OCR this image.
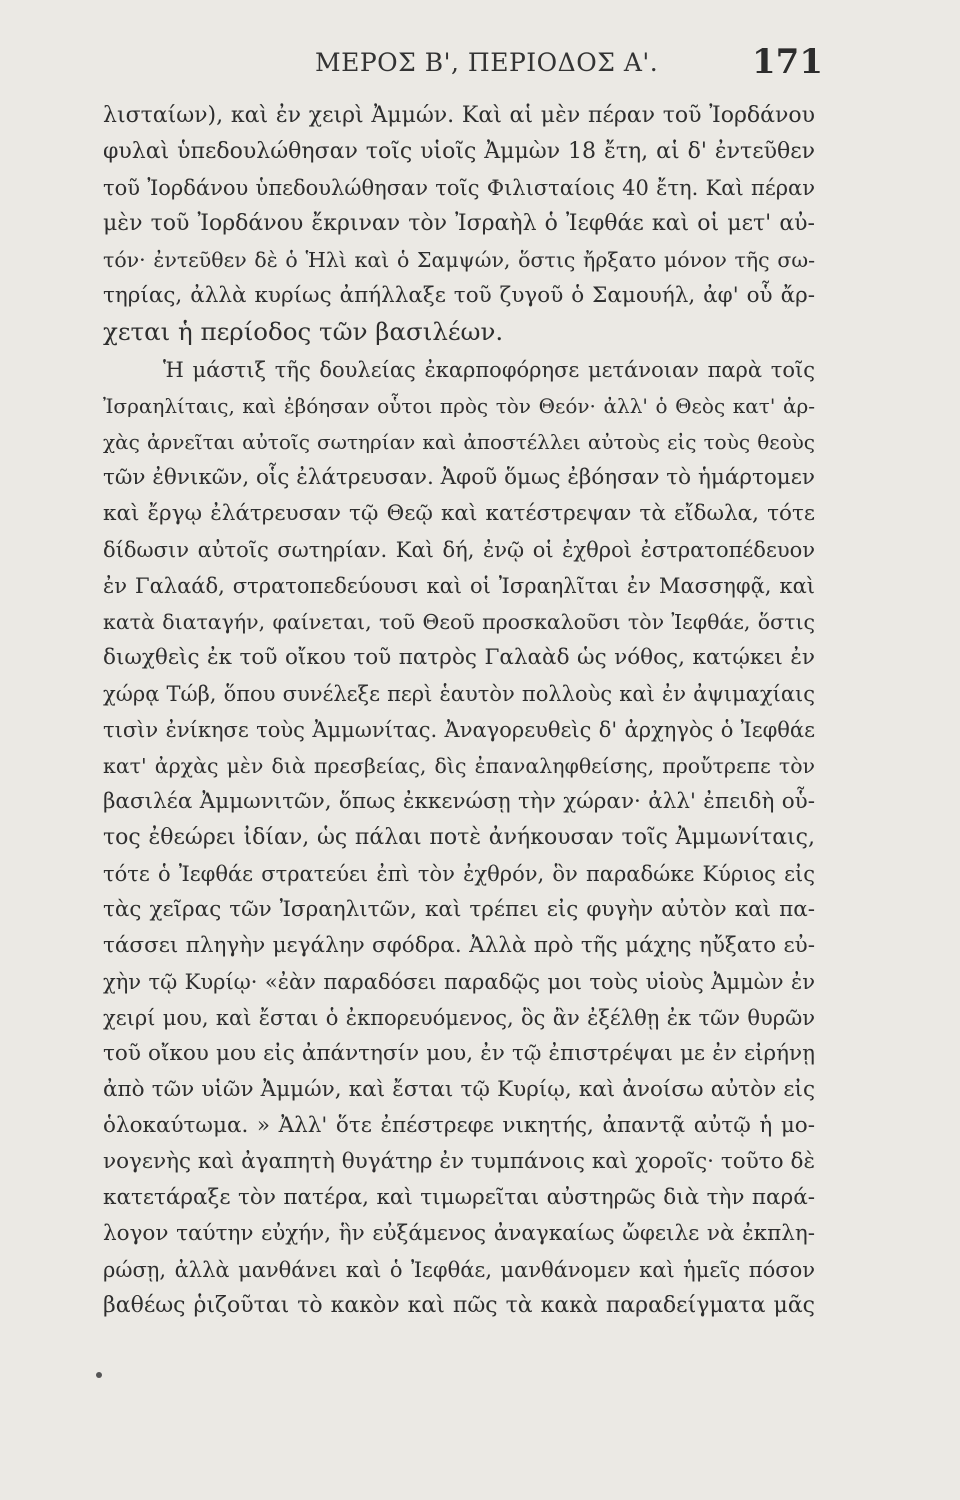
ΜΕΡΟΣ Β', ΠΕΡΙΟΔΟΣ Α'.	171
λισταίων), καὶ ἐν χειρὶ Ἀμμών. Καὶ αἱ μὲν πέραν τοῦ Ἰορδάνου
φυλαὶ ὑπεδουλώθησαν τοῖς υἱοῖς Ἀμμὼν 18 ἔτη, αἱ δ' ἐντεῦθεν
τοῦ Ἰορδάνου ὑπεδουλώθησαν τοῖς Φιλισταίοις 40 ἔτη. Καὶ πέραν
μὲν τοῦ Ἰορδάνου ἔκριναν τὸν Ἰσραὴλ ὁ Ἰεφθάε καὶ οἱ μετ' αὐ-
τόν· ἐντεῦθεν δὲ ὁ Ἡλὶ καὶ ὁ Σαμψών, ὅστις ἤρξατο μόνον τῆς σω-
τηρίας, ἀλλὰ κυρίως ἀπήλλαξε τοῦ ζυγοῦ ὁ Σαμουήλ, ἀφ' οὗ ἄρ-
χεται ἡ περίοδος τῶν βασιλέων.
Ἡ μάστιξ τῆς δουλείας ἐκαρποφόρησε μετάνοιαν παρὰ τοῖς
Ἰσραηλίταις, καὶ ἐβόησαν οὗτοι πρὸς τὸν Θεόν· ἀλλ' ὁ Θεὸς κατ' ἀρ-
χὰς ἀρνεῖται αὐτοῖς σωτηρίαν καὶ ἀποστέλλει αὐτοὺς εἰς τοὺς θεοὺς
τῶν ἐθνικῶν, οἷς ἐλάτρευσαν. Ἀφοῦ ὅμως ἐβόησαν τὸ ἡμάρτομεν
καὶ ἔργῳ ἐλάτρευσαν τῷ Θεῷ καὶ κατέστρεψαν τὰ εἴδωλα, τότε
δίδωσιν αὐτοῖς σωτηρίαν. Καὶ δή, ἐνῷ οἱ ἐχθροὶ ἐστρατοπέδευον
ἐν Γαλαάδ, στρατοπεδεύουσι καὶ οἱ Ἰσραηλῖται ἐν Μασσηφᾷ, καὶ
κατὰ διαταγήν, φαίνεται, τοῦ Θεοῦ προσκαλοῦσι τὸν Ἰεφθάε, ὅστις
διωχθεὶς ἐκ τοῦ οἴκου τοῦ πατρὸς Γαλαὰδ ὡς νόθος, κατῴκει ἐν
χώρᾳ Τώβ, ὅπου συνέλεξε περὶ ἑαυτὸν πολλοὺς καὶ ἐν ἀψιμαχίαις
τισὶν ἐνίκησε τοὺς Ἀμμωνίτας. Ἀναγορευθεὶς δ' ἀρχηγὸς ὁ Ἰεφθάε
κατ' ἀρχὰς μὲν διὰ πρεσβείας, δὶς ἐπαναληφθείσης, προὔτρεπε τὸν
βασιλέα Ἀμμωνιτῶν, ὅπως ἐκκενώσῃ τὴν χώραν· ἀλλ' ἐπειδὴ οὗ-
τος ἐθεώρει ἰδίαν, ὡς πάλαι ποτὲ ἀνήκουσαν τοῖς Ἀμμωνίταις,
τότε ὁ Ἰεφθάε στρατεύει ἐπὶ τὸν ἐχθρόν, ὃν παραδώκε Κύριος εἰς
τὰς χεῖρας τῶν Ἰσραηλιτῶν, καὶ τρέπει εἰς φυγὴν αὐτὸν καὶ πα-
τάσσει πληγὴν μεγάλην σφόδρα. Ἀλλὰ πρὸ τῆς μάχης ηὔξατο εὐ-
χὴν τῷ Κυρίῳ· «ἐὰν παραδόσει παραδῷς μοι τοὺς υἱοὺς Ἀμμὼν ἐν
χειρί μου, καὶ ἔσται ὁ ἐκπορευόμενος, ὃς ἂν ἐξέλθῃ ἐκ τῶν θυρῶν
τοῦ οἴκου μου εἰς ἀπάντησίν μου, ἐν τῷ ἐπιστρέψαι με ἐν εἰρήνῃ
ἀπὸ τῶν υἱῶν Ἀμμών, καὶ ἔσται τῷ Κυρίῳ, καὶ ἀνοίσω αὐτὸν εἰς
ὁλοκαύτωμα. » Ἀλλ' ὅτε ἐπέστρεφε νικητής, ἀπαντᾷ αὐτῷ ἡ μο-
νογενὴς καὶ ἀγαπητὴ θυγάτηρ ἐν τυμπάνοις καὶ χοροῖς· τοῦτο δὲ
κατετάραξε τὸν πατέρα, καὶ τιμωρεῖται αὐστηρῶς διὰ τὴν παρά-
λογον ταύτην εὐχήν, ἣν εὐξάμενος ἀναγκαίως ὤφειλε νὰ ἐκπλη-
ρώσῃ, ἀλλὰ μανθάνει καὶ ὁ Ἰεφθάε, μανθάνομεν καὶ ἡμεῖς πόσον
βαθέως ῥιζοῦται τὸ κακὸν καὶ πῶς τὰ κακὰ παραδείγματα μᾶς
